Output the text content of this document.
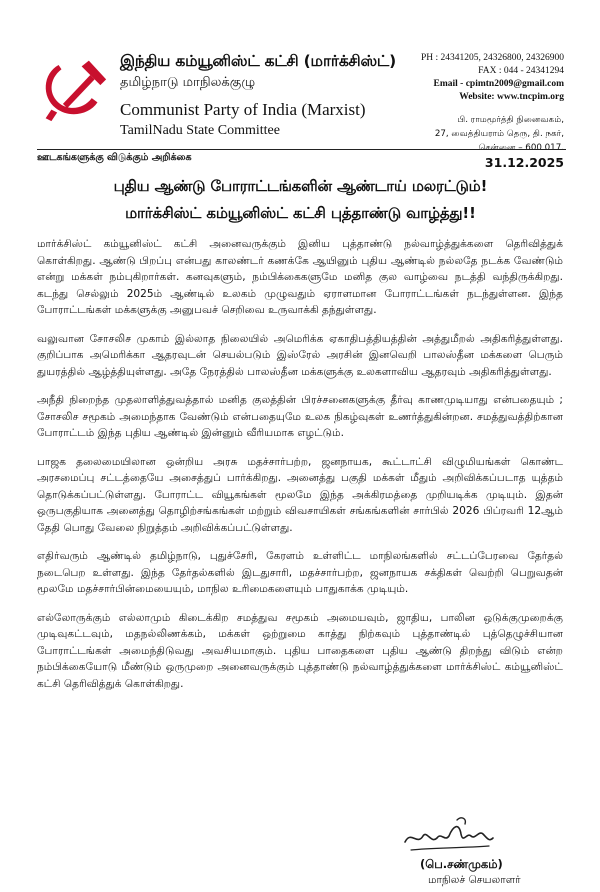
இந்திய கம்யூனிஸ்ட் கட்சி (மார்க்சிஸ்ட்)
தமிழ்நாடு மாநிலக்குழு
Communist Party of India (Marxist)
TamilNadu State Committee
PH : 24341205, 24326800, 24326900
FAX : 044 - 24341294
Email - cpimtn2009@gmail.com
Website: www.tncpim.org
பி. ராமமூர்த்தி நினைவகம்,
27, வைத்தியராம் தெரு, தி. நகர்,
சென்னை – 600 017.
ஊடகங்களுக்கு விடுக்கும் அறிக்கை	31.12.2025
புதிய ஆண்டு போராட்டங்களின் ஆண்டாய் மலரட்டும்!
மார்க்சிஸ்ட் கம்யூனிஸ்ட் கட்சி புத்தாண்டு வாழ்த்து!!

மார்க்சிஸ்ட் கம்யூனிஸ்ட் கட்சி அனைவருக்கும் இனிய புத்தாண்டு நல்வாழ்த்துக்களை தெரிவித்துக் கொள்கிறது. ஆண்டு பிறப்பு என்பது காலண்டர் கணக்கே ஆயினும் புதிய ஆண்டில் நல்லதே நடக்க வேண்டும் என்று மக்கள் நம்புகிறார்கள். கனவுகளும், நம்பிக்கைகளுமே மனித குல வாழ்வை நடத்தி வந்திருக்கிறது. கடந்து செல்லும் 2025ம் ஆண்டில் உலகம் முழுவதும் ஏராளமான போராட்டங்கள் நடந்துள்ளன. இந்த போராட்டங்கள் மக்களுக்கு அனுபவச் செறிவை உருவாக்கி தந்துள்ளது.

வலுவான சோசலிச முகாம் இல்லாத நிலையில் அமெரிக்க ஏகாதிபத்தியத்தின் அத்துமீறல் அதிகரித்துள்ளது. குறிப்பாக அமெரிக்கா ஆதரவுடன் செயல்படும் இஸ்ரேல் அரசின் இனவெறி பாலஸ்தீன மக்களை பெரும் துயரத்தில் ஆழ்த்தியுள்ளது. அதே நேரத்தில் பாலஸ்தீன மக்களுக்கு உலகளாவிய ஆதரவும் அதிகரித்துள்ளது.

அநீதி நிறைந்த முதலாளித்துவத்தால் மனித குலத்தின் பிரச்சனைகளுக்கு தீர்வு காணமுடியாது என்பதையும் ; சோசலிச சமூகம் அமைந்தாக வேண்டும் என்பதையுமே உலக நிகழ்வுகள் உணர்த்துகின்றன. சமத்துவத்திற்கான போராட்டம் இந்த புதிய ஆண்டில் இன்னும் வீரியமாக எழட்டும்.

பாஜக தலைமையிலான ஒன்றிய அரசு மதச்சார்பற்ற, ஜனநாயக, கூட்டாட்சி விழுமியங்கள் கொண்ட அரசமைப்பு சட்டத்தையே அசைத்துப் பார்க்கிறது. அனைத்து பகுதி மக்கள் மீதும் அறிவிக்கப்படாத யுத்தம் தொடுக்கப்பட்டுள்ளது. போராட்ட வியூகங்கள் மூலமே இந்த அக்கிரமத்தை முறியடிக்க முடியும். இதன் ஒருபகுதியாக அனைத்து தொழிற்சங்கங்கள் மற்றும் விவசாயிகள் சங்கங்களின் சார்பில் 2026 பிப்ரவரி 12ஆம் தேதி பொது வேலை நிறுத்தம் அறிவிக்கப்பட்டுள்ளது.

எதிர்வரும் ஆண்டில் தமிழ்நாடு, புதுச்சேரி, கேரளம் உள்ளிட்ட மாநிலங்களில் சட்டப்பேரவை தேர்தல் நடைபெற உள்ளது. இந்த தேர்தல்களில் இடதுசாரி, மதச்சார்பற்ற, ஜனநாயக சக்திகள் வெற்றி பெறுவதன் மூலமே மதச்சார்பின்மையையும், மாநில உரிமைகளையும் பாதுகாக்க முடியும்.

எல்லோருக்கும் எல்லாமும் கிடைக்கிற சமத்துவ சமூகம் அமையவும், ஜாதிய, பாலின ஒடுக்குமுறைக்கு முடிவுகட்டவும், மதநல்லிணக்கம், மக்கள் ஒற்றுமை காத்து நிற்கவும் புத்தாண்டில் புத்தெழுச்சியான போராட்டங்கள் அமைந்திடுவது அவசியமாகும். புதிய பாதைகளை புதிய ஆண்டு திறந்து விடும் என்ற நம்பிக்கையோடு மீண்டும் ஒருமுறை அனைவருக்கும் புத்தாண்டு நல்வாழ்த்துக்களை மார்க்சிஸ்ட் கம்யூனிஸ்ட் கட்சி தெரிவித்துக் கொள்கிறது.

(பெ.சண்முகம்)
மாநிலச் செயலாளர்
